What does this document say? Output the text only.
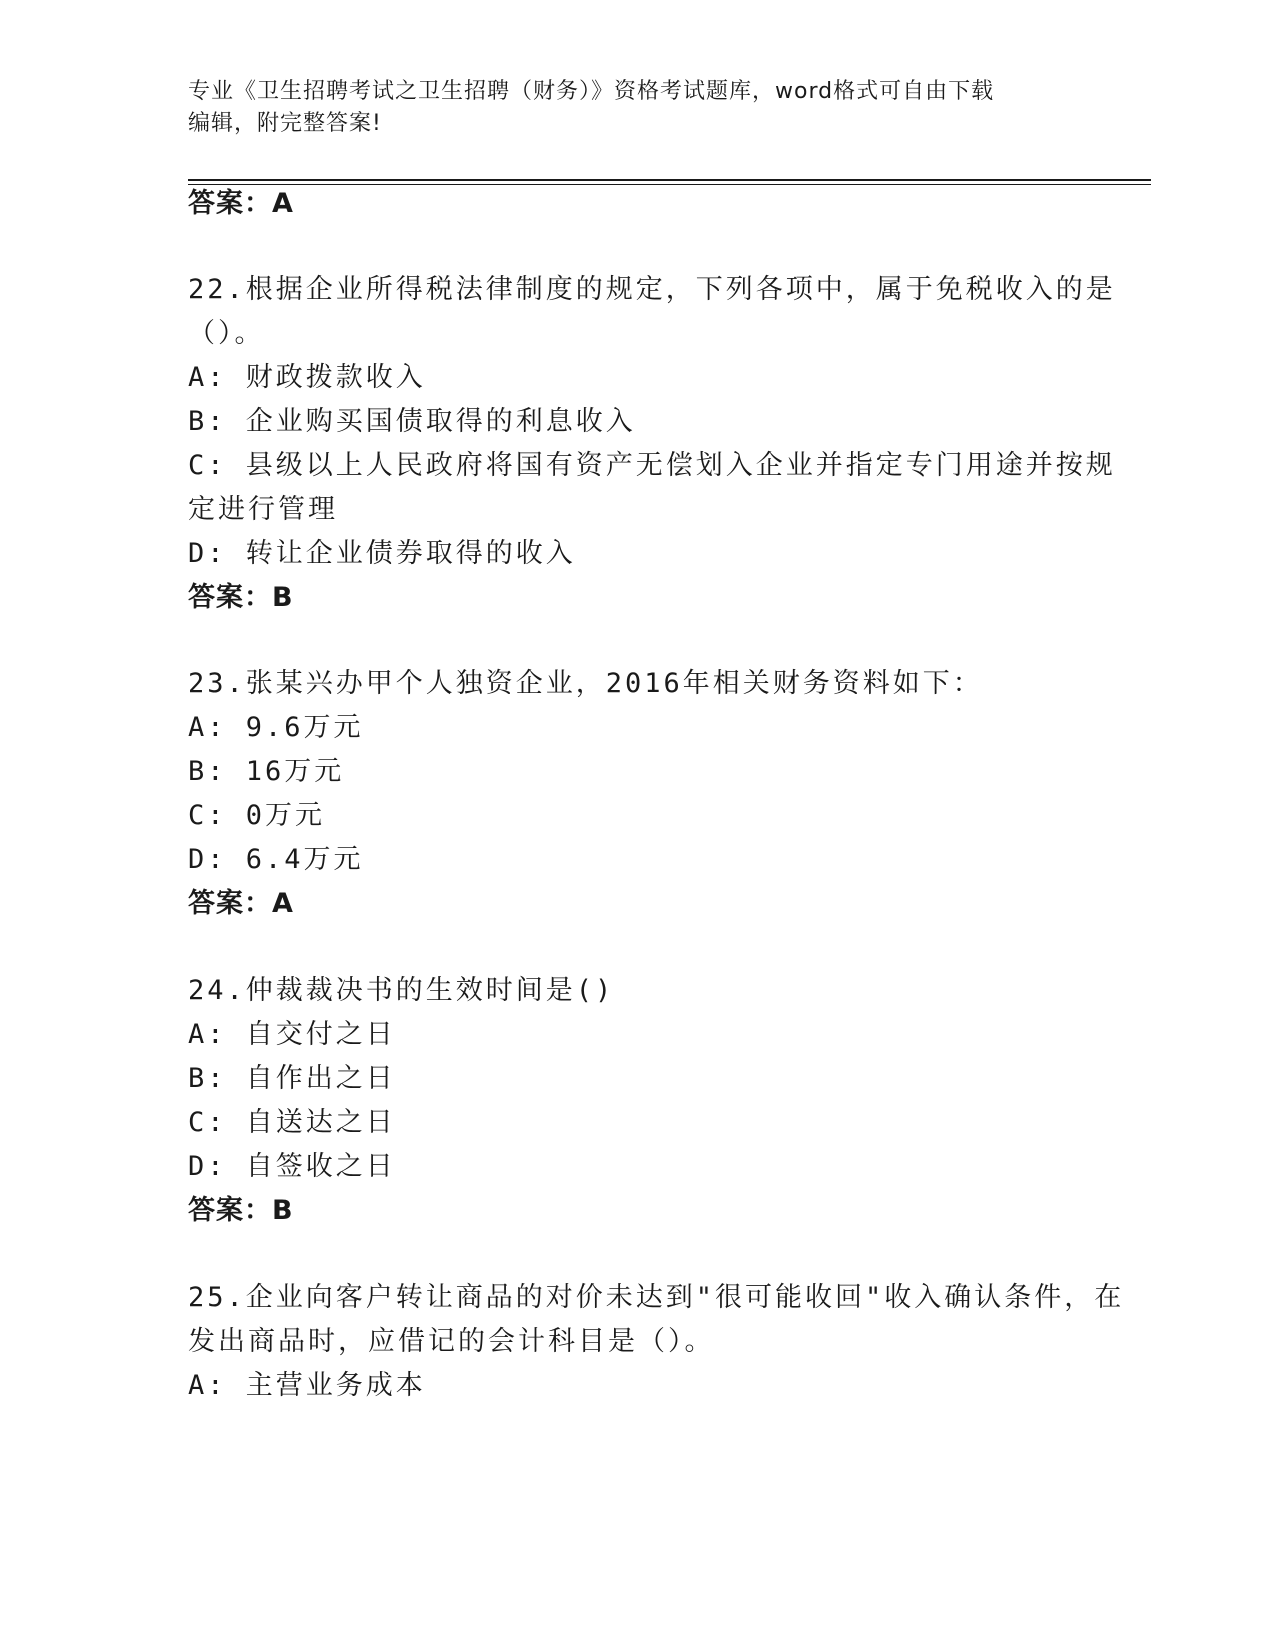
专业《卫生招聘考试之卫生招聘（财务）》资格考试题库，word格式可自由下载
编辑，附完整答案!
答案：A
22.根据企业所得税法律制度的规定，下列各项中，属于免税收入的是
（）。
A: 财政拨款收入
B: 企业购买国债取得的利息收入
C: 县级以上人民政府将国有资产无偿划入企业并指定专门用途并按规
定进行管理
D: 转让企业债券取得的收入
答案：B
23.张某兴办甲个人独资企业，2016年相关财务资料如下：
A: 9.6万元
B: 16万元
C: 0万元
D: 6.4万元
答案：A
24.仲裁裁决书的生效时间是()
A: 自交付之日
B: 自作出之日
C: 自送达之日
D: 自签收之日
答案：B
25.企业向客户转让商品的对价未达到"很可能收回"收入确认条件，在
发出商品时，应借记的会计科目是（）。
A: 主营业务成本
